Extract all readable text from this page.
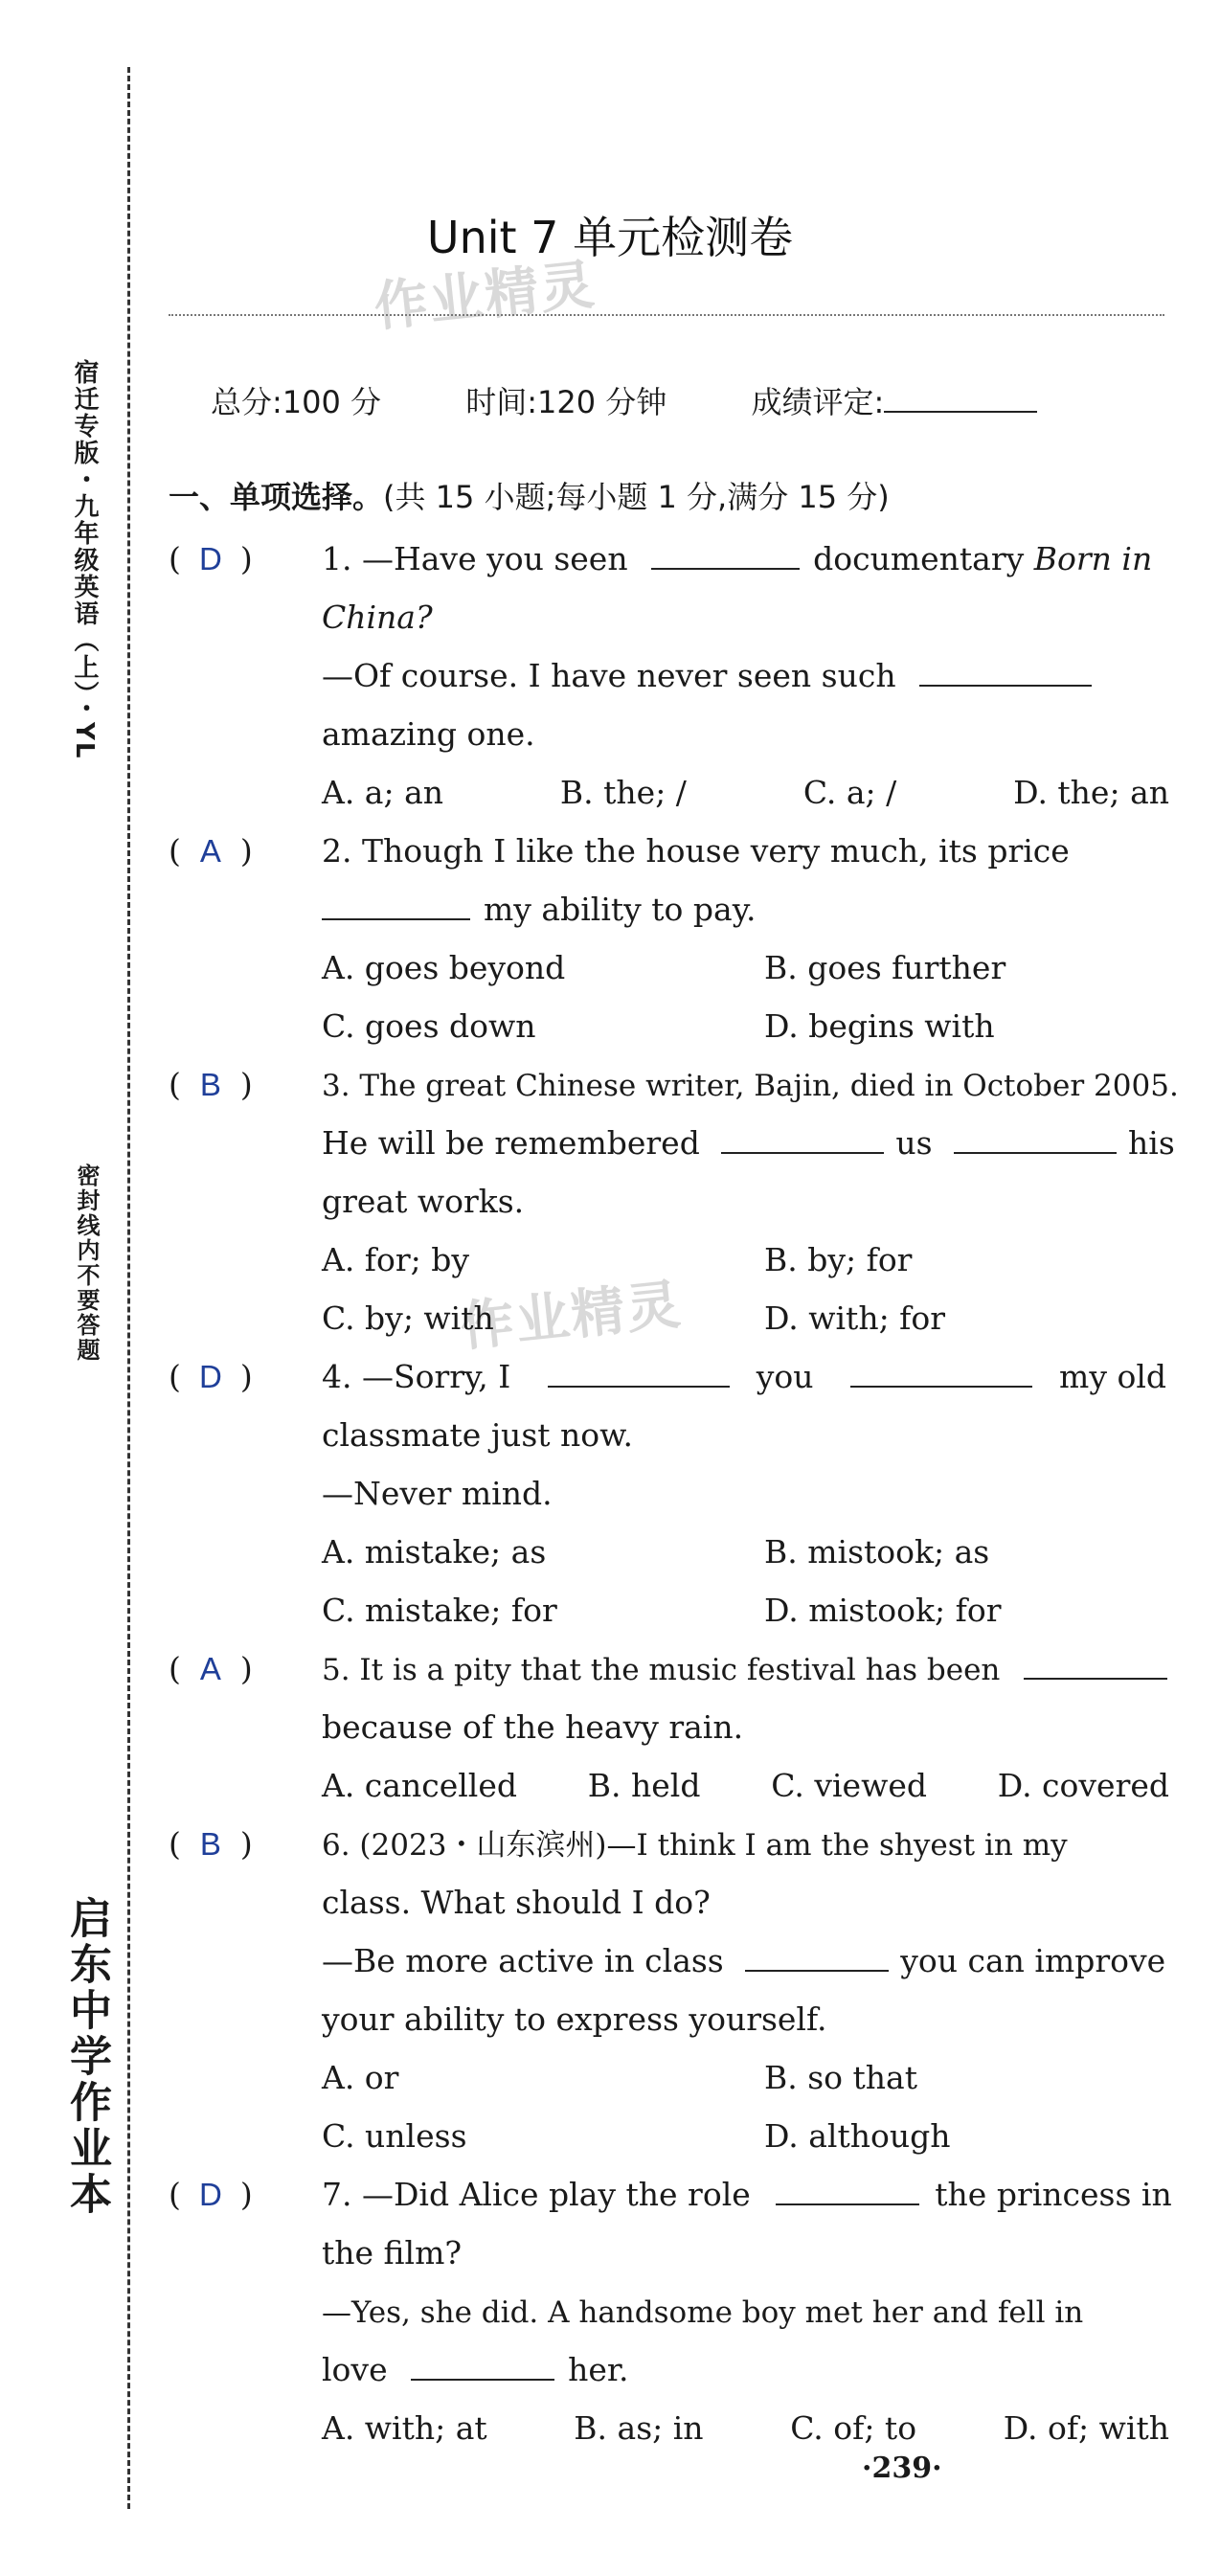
宿迁专版・九年级英语（上）・YL
密封线内不要答题
启东中学作业本
Unit 7 单元检测卷
作业精灵
作业精灵
总分:100 分	时间:120 分钟	成绩评定:
一、单项选择。(共 15 小题;每小题 1 分,满分 15 分)
( D ) 1. —Have you seen	documentary Born in
China?
—Of course. I have never seen such
amazing one.
A. a; an	B. the; /	C. a; /	D. the; an
( A ) 2. Though I like the house very much, its price
my ability to pay.
A. goes beyond	B. goes further
C. goes down	D. begins with
( B ) 3. The great Chinese writer, Bajin, died in October 2005.
He will be remembered	us	his
great works.
A. for; by	B. by; for
C. by; with	D. with; for
( D ) 4. —Sorry, I	you	my old
classmate just now.
—Never mind.
A. mistake; as	B. mistook; as
C. mistake; for	D. mistook; for
( A ) 5. It is a pity that the music festival has been
because of the heavy rain.
A. cancelled B. held C. viewed D. covered
( B ) 6. (2023・山东滨州)—I think I am the shyest in my
class. What should I do?
—Be more active in class	you can improve
your ability to express yourself.
A. or	B. so that
C. unless	D. although
( D ) 7. —Did Alice play the role	the princess in
the film?
—Yes, she did. A handsome boy met her and fell in
love	her.
A. with; at	B. as; in	C. of; to	D. of; with
·239·
